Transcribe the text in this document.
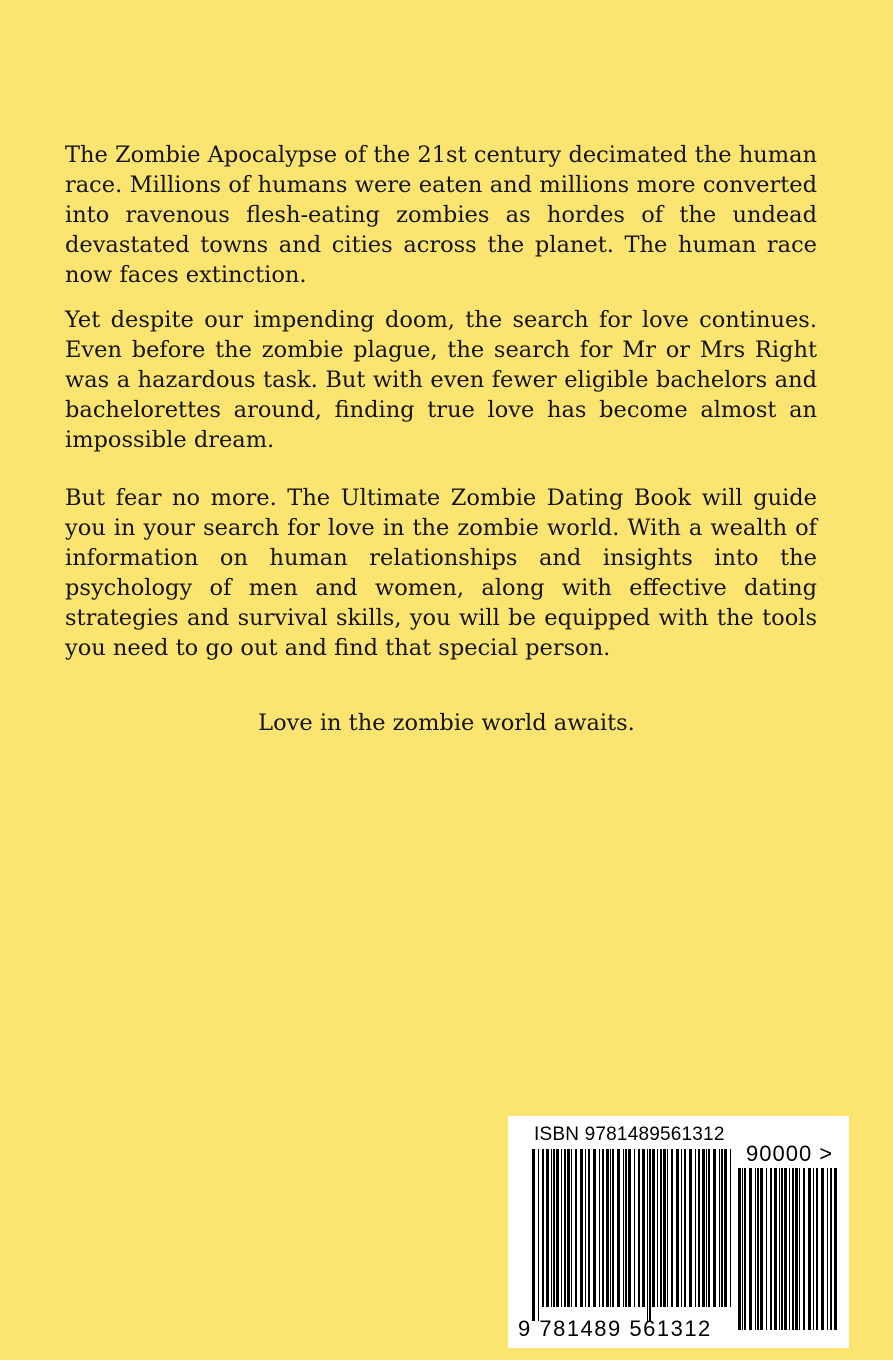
The Zombie Apocalypse of the 21st century decimated the human race. Millions of humans were eaten and millions more converted into ravenous flesh-eating zombies as hordes of the undead devastated towns and cities across the planet. The human race now faces extinction.

Yet despite our impending doom, the search for love continues. Even before the zombie plague, the search for Mr or Mrs Right was a hazardous task. But with even fewer eligible bachelors and bachelorettes around, finding true love has become almost an impossible dream.

But fear no more. The Ultimate Zombie Dating Book will guide you in your search for love in the zombie world. With a wealth of information on human relationships and insights into the psychology of men and women, along with effective dating strategies and survival skills, you will be equipped with the tools you need to go out and find that special person.

Love in the zombie world awaits.

ISBN 9781489561312
90000 >
9 781489 561312
